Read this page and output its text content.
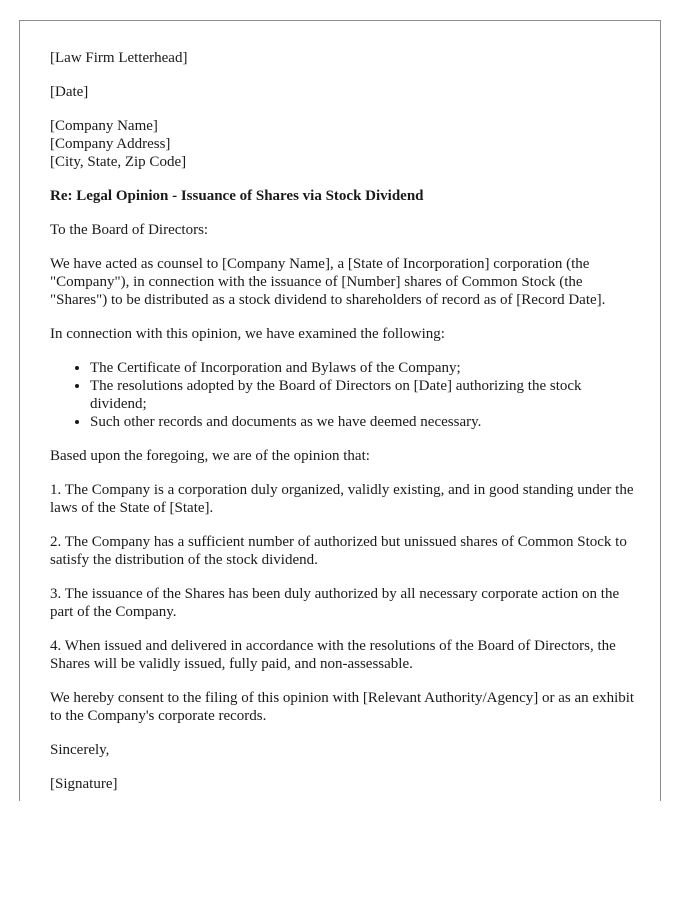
[Law Firm Letterhead]

[Date]

[Company Name]
[Company Address]
[City, State, Zip Code]

Re: Legal Opinion - Issuance of Shares via Stock Dividend

To the Board of Directors:

We have acted as counsel to [Company Name], a [State of Incorporation] corporation (the "Company"), in connection with the issuance of [Number] shares of Common Stock (the "Shares") to be distributed as a stock dividend to shareholders of record as of [Record Date].

In connection with this opinion, we have examined the following:

• The Certificate of Incorporation and Bylaws of the Company;
• The resolutions adopted by the Board of Directors on [Date] authorizing the stock dividend;
• Such other records and documents as we have deemed necessary.

Based upon the foregoing, we are of the opinion that:

1. The Company is a corporation duly organized, validly existing, and in good standing under the laws of the State of [State].

2. The Company has a sufficient number of authorized but unissued shares of Common Stock to satisfy the distribution of the stock dividend.

3. The issuance of the Shares has been duly authorized by all necessary corporate action on the part of the Company.

4. When issued and delivered in accordance with the resolutions of the Board of Directors, the Shares will be validly issued, fully paid, and non-assessable.

We hereby consent to the filing of this opinion with [Relevant Authority/Agency] or as an exhibit to the Company's corporate records.

Sincerely,

[Signature]
